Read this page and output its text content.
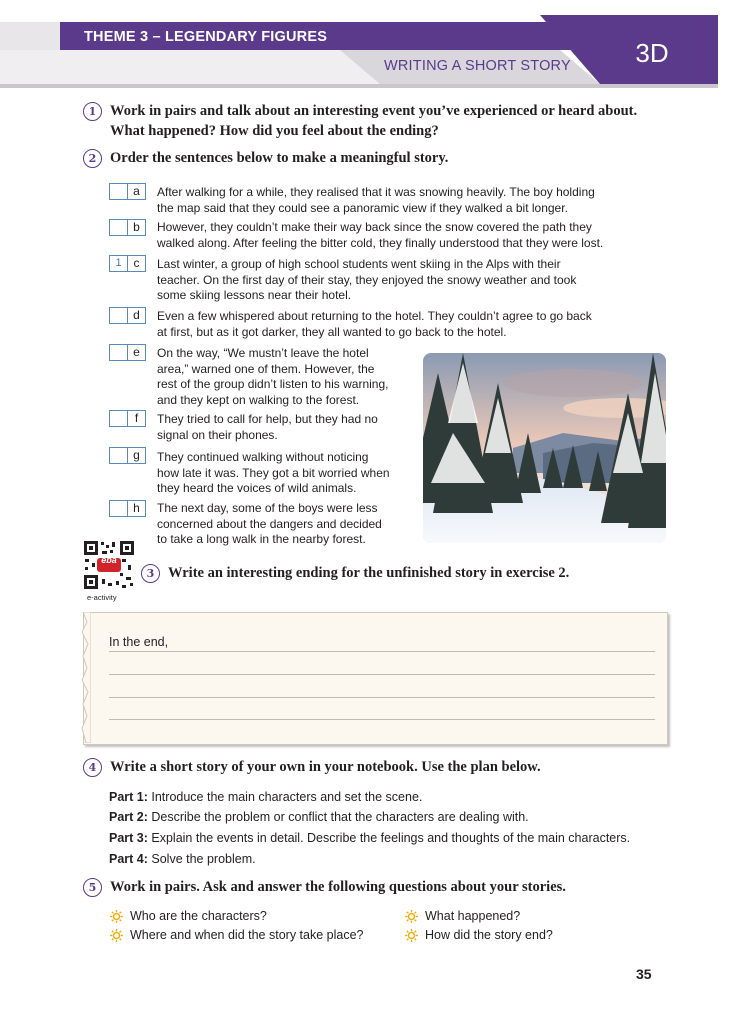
THEME 3 – LEGENDARY FIGURES
WRITING A SHORT STORY	3D
1 Work in pairs and talk about an interesting event you’ve experienced or heard about.
What happened? How did you feel about the ending?
2 Order the sentences below to make a meaningful story.
a	After walking for a while, they realised that it was snowing heavily. The boy holding
the map said that they could see a panoramic view if they walked a bit longer.
b	However, they couldn’t make their way back since the snow covered the path they
walked along. After feeling the bitter cold, they finally understood that they were lost.
1 c	Last winter, a group of high school students went skiing in the Alps with their
teacher. On the first day of their stay, they enjoyed the snowy weather and took
some skiing lessons near their hotel.
d	Even a few whispered about returning to the hotel. They couldn’t agree to go back
at first, but as it got darker, they all wanted to go back to the hotel.
e	On the way, “We mustn’t leave the hotel
area,” warned one of them. However, the
rest of the group didn’t listen to his warning,
and they kept on walking to the forest.
f	They tried to call for help, but they had no
signal on their phones.
g	They continued walking without noticing
how late it was. They got a bit worried when
they heard the voices of wild animals.
h	The next day, some of the boys were less
concerned about the dangers and decided
to take a long walk in the nearby forest.
eba
e-activity
3 Write an interesting ending for the unfinished story in exercise 2.
In the end,
4 Write a short story of your own in your notebook. Use the plan below.
Part 1: Introduce the main characters and set the scene.
Part 2: Describe the problem or conflict that the characters are dealing with.
Part 3: Explain the events in detail. Describe the feelings and thoughts of the main characters.
Part 4: Solve the problem.
5 Work in pairs. Ask and answer the following questions about your stories.
Who are the characters?
Where and when did the story take place?
What happened?
How did the story end?
35
